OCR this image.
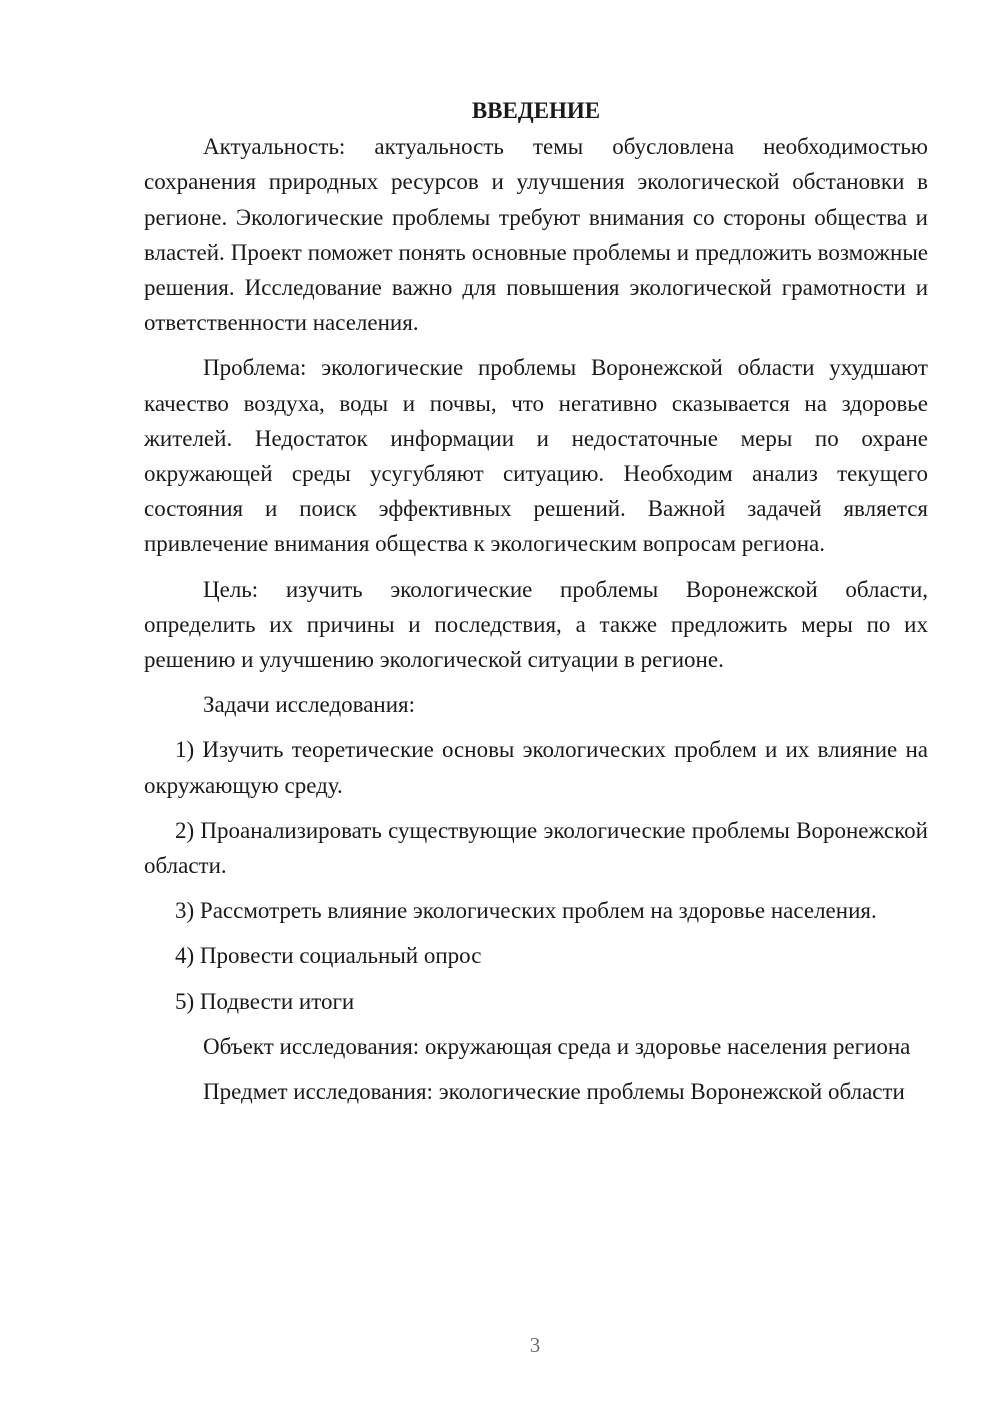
ВВЕДЕНИЕ

Актуальность: актуальность темы обусловлена необходимостью сохранения природных ресурсов и улучшения экологической обстановки в регионе. Экологические проблемы требуют внимания со стороны общества и властей. Проект поможет понять основные проблемы и предложить возможные решения. Исследование важно для повышения экологической грамотности и ответственности населения.

Проблема: экологические проблемы Воронежской области ухудшают качество воздуха, воды и почвы, что негативно сказывается на здоровье жителей. Недостаток информации и недостаточные меры по охране окружающей среды усугубляют ситуацию. Необходим анализ текущего состояния и поиск эффективных решений. Важной задачей является привлечение внимания общества к экологическим вопросам региона.

Цель: изучить экологические проблемы Воронежской области, определить их причины и последствия, а также предложить меры по их решению и улучшению экологической ситуации в регионе.

Задачи исследования:

1) Изучить теоретические основы экологических проблем и их влияние на окружающую среду.

2) Проанализировать существующие экологические проблемы Воронежской области.

3) Рассмотреть влияние экологических проблем на здоровье населения.

4) Провести социальный опрос

5) Подвести итоги

Объект исследования: окружающая среда и здоровье населения региона

Предмет исследования: экологические проблемы Воронежской области

3
